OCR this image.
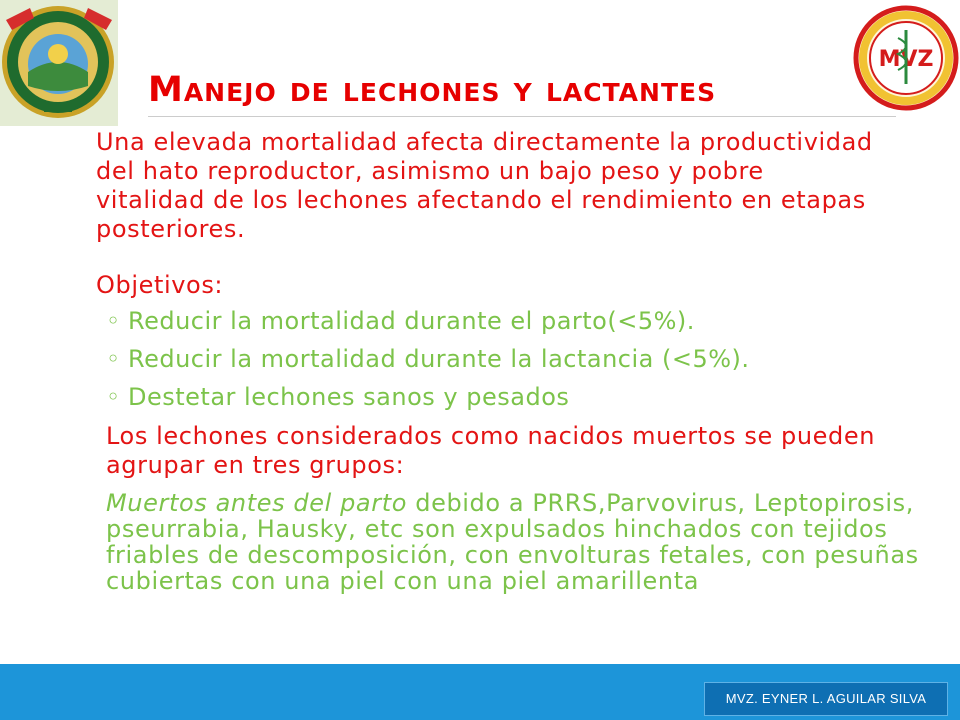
MVZ
Manejo de lechones y lactantes

Una elevada mortalidad afecta directamente la productividad del hato reproductor, asimismo un bajo peso y pobre vitalidad de los lechones afectando el rendimiento en etapas posteriores.

Objetivos:

◦ Reducir la mortalidad durante el parto(<5%).
◦ Reducir la mortalidad durante la lactancia (<5%).
◦ Destetar lechones sanos y pesados

Los lechones considerados como nacidos muertos se pueden agrupar en tres grupos:

Muertos antes del parto debido a PRRS,Parvovirus, Leptopirosis, pseurrabia, Hausky, etc son expulsados hinchados con tejidos friables de descomposición, con envolturas fetales, con pesuñas cubiertas con una piel con una piel amarillenta

MVZ. EYNER L. AGUILAR SILVA
